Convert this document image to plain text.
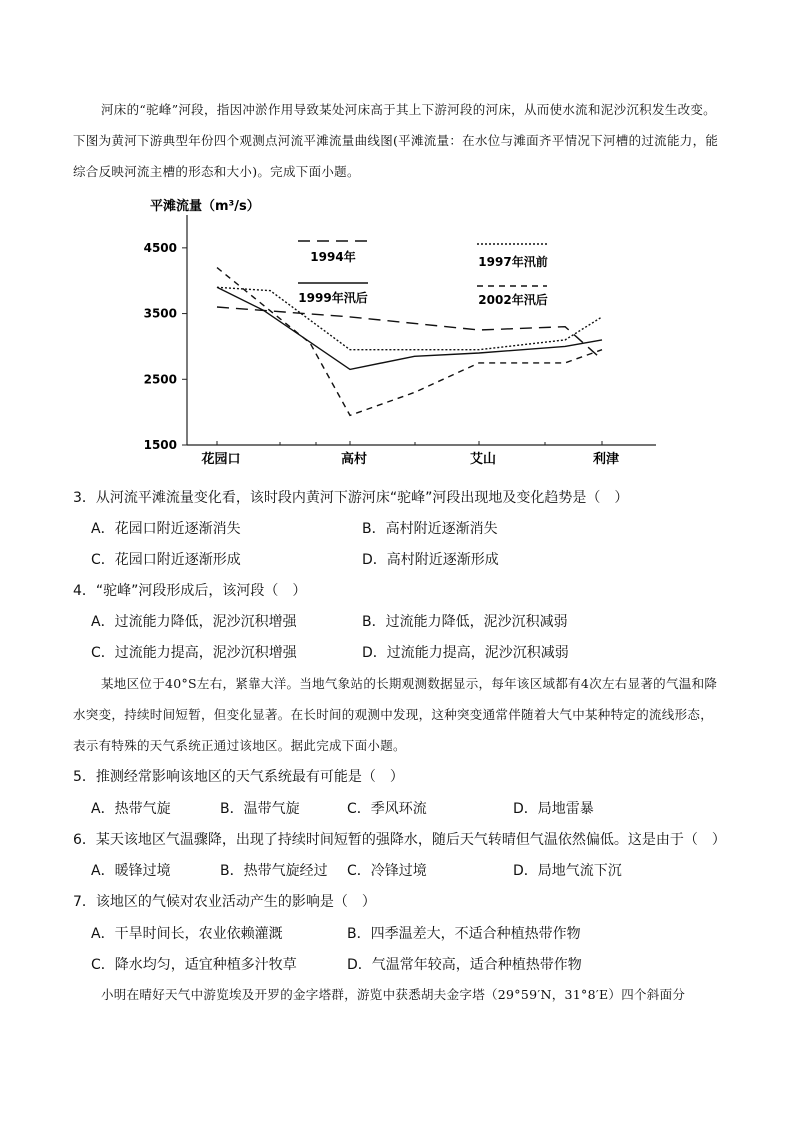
河床的“驼峰”河段，指因冲淤作用导致某处河床高于其上下游河段的河床，从而使水流和泥沙沉积发生改变。下图为黄河下游典型年份四个观测点河流平滩流量曲线图(平滩流量：在水位与滩面齐平情况下河槽的过流能力，能综合反映河流主槽的形态和大小)。完成下面小题。

平滩流量（m³/s）
1500
2500
3500
4500
花园口	高村	艾山	利津
1994年	1997年汛前
1999年汛后	2002年汛后
3．从河流平滩流量变化看，该时段内黄河下游河床“驼峰”河段出现地及变化趋势是（　）
A．花园口附近逐渐消失	B．高村附近逐渐消失
C．花园口附近逐渐形成	D．高村附近逐渐形成
4．“驼峰”河段形成后，该河段（　）
A．过流能力降低，泥沙沉积增强	B．过流能力降低，泥沙沉积减弱
C．过流能力提高，泥沙沉积增强	D．过流能力提高，泥沙沉积减弱

某地区位于40°S左右，紧靠大洋。当地气象站的长期观测数据显示，每年该区域都有4次左右显著的气温和降水突变，持续时间短暂，但变化显著。在长时间的观测中发现，这种突变通常伴随着大气中某种特定的流线形态，表示有特殊的天气系统正通过该地区。据此完成下面小题。

5．推测经常影响该地区的天气系统最有可能是（　）
A．热带气旋	B．温带气旋	C．季风环流	D．局地雷暴
6．某天该地区气温骤降，出现了持续时间短暂的强降水，随后天气转晴但气温依然偏低。这是由于（　）
A．暖锋过境	B．热带气旋经过 C．冷锋过境	D．局地气流下沉
7．该地区的气候对农业活动产生的影响是（　）
A．干旱时间长，农业依赖灌溉	B．四季温差大，不适合种植热带作物
C．降水均匀，适宜种植多汁牧草	D．气温常年较高，适合种植热带作物

小明在晴好天气中游览埃及开罗的金字塔群，游览中获悉胡夫金字塔（29°59′N，31°8′E）四个斜面分
